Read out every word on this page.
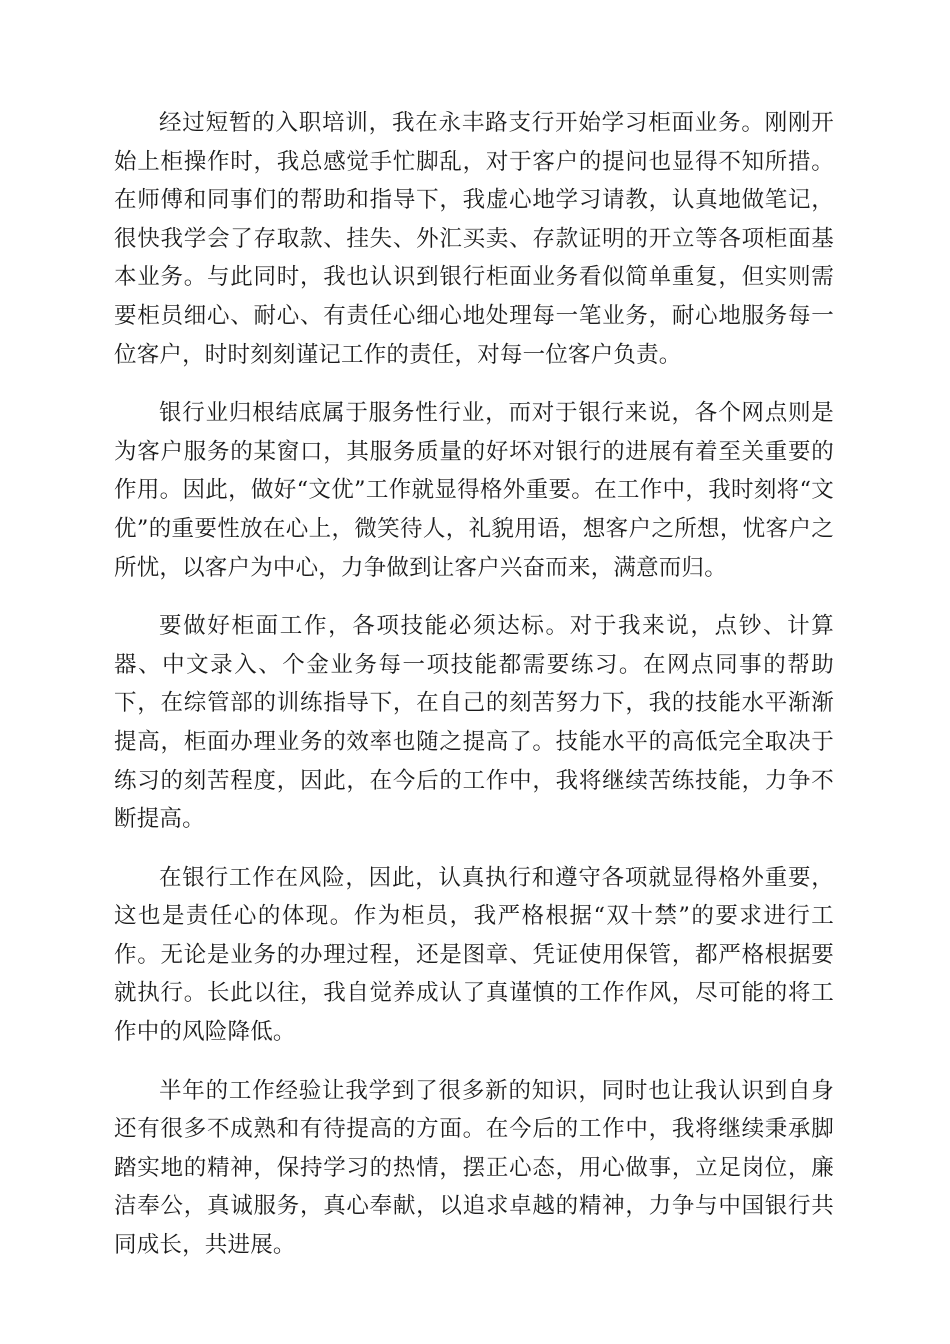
经过短暂的入职培训，我在永丰路支行开始学习柜面业务。刚刚开始上柜操作时，我总感觉手忙脚乱，对于客户的提问也显得不知所措。在师傅和同事们的帮助和指导下，我虚心地学习请教，认真地做笔记，很快我学会了存取款、挂失、外汇买卖、存款证明的开立等各项柜面基本业务。与此同时，我也认识到银行柜面业务看似简单重复，但实则需要柜员细心、耐心、有责任心细心地处理每一笔业务，耐心地服务每一位客户，时时刻刻谨记工作的责任，对每一位客户负责。

银行业归根结底属于服务性行业，而对于银行来说，各个网点则是为客户服务的某窗口，其服务质量的好坏对银行的进展有着至关重要的作用。因此，做好“文优”工作就显得格外重要。在工作中，我时刻将“文优”的重要性放在心上，微笑待人，礼貌用语，想客户之所想，忧客户之所忧，以客户为中心，力争做到让客户兴奋而来，满意而归。

要做好柜面工作，各项技能必须达标。对于我来说，点钞、计算器、中文录入、个金业务每一项技能都需要练习。在网点同事的帮助下，在综管部的训练指导下，在自己的刻苦努力下，我的技能水平渐渐提高，柜面办理业务的效率也随之提高了。技能水平的高低完全取决于练习的刻苦程度，因此，在今后的工作中，我将继续苦练技能，力争不断提高。

在银行工作在风险，因此，认真执行和遵守各项就显得格外重要，这也是责任心的体现。作为柜员，我严格根据“双十禁”的要求进行工作。无论是业务的办理过程，还是图章、凭证使用保管，都严格根据要就执行。长此以往，我自觉养成认了真谨慎的工作作风，尽可能的将工作中的风险降低。

半年的工作经验让我学到了很多新的知识，同时也让我认识到自身还有很多不成熟和有待提高的方面。在今后的工作中，我将继续秉承脚踏实地的精神，保持学习的热情，摆正心态，用心做事，立足岗位，廉洁奉公，真诚服务，真心奉献，以追求卓越的精神，力争与中国银行共同成长，共进展。
